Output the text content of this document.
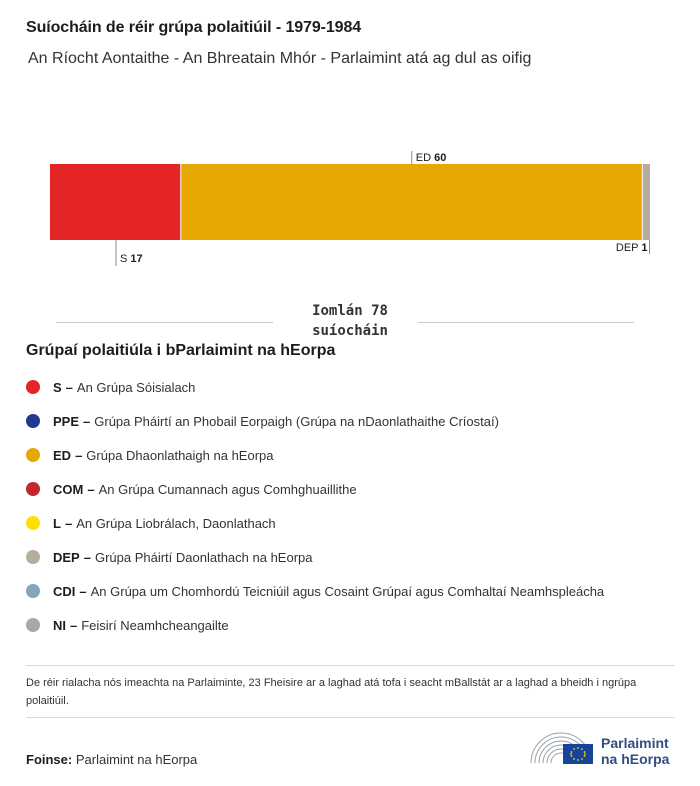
Suíocháin de réir grúpa polaitiúil - 1979-1984
An Ríocht Aontaithe - An Bhreatain Mhór - Parlaimint atá ag dul as oifig
S 17
ED 60
DEP 1
Iomlán 78
suíocháin
Grúpaí polaitiúla i bParlaimint na hEorpa
S – An Grúpa Sóisialach
PPE – Grúpa Pháirtí an Phobail Eorpaigh (Grúpa na nDaonlathaithe Críostaí)
ED – Grúpa Dhaonlathaigh na hEorpa
COM – An Grúpa Cumannach agus Comhghuaillithe
L – An Grúpa Liobrálach, Daonlathach
DEP – Grúpa Pháirtí Daonlathach na hEorpa
CDI – An Grúpa um Chomhordú Teicniúil agus Cosaint Grúpaí agus Comhaltaí Neamhspleácha
NI – Feisirí Neamhcheangailte
De réir rialacha nós imeachta na Parlaiminte, 23 Fheisire ar a laghad atá tofa i seacht mBallstát ar a laghad a bheidh i ngrúpa polaitiúil.
Foinse: Parlaimint na hEorpa
Parlaimint
na hEorpa
